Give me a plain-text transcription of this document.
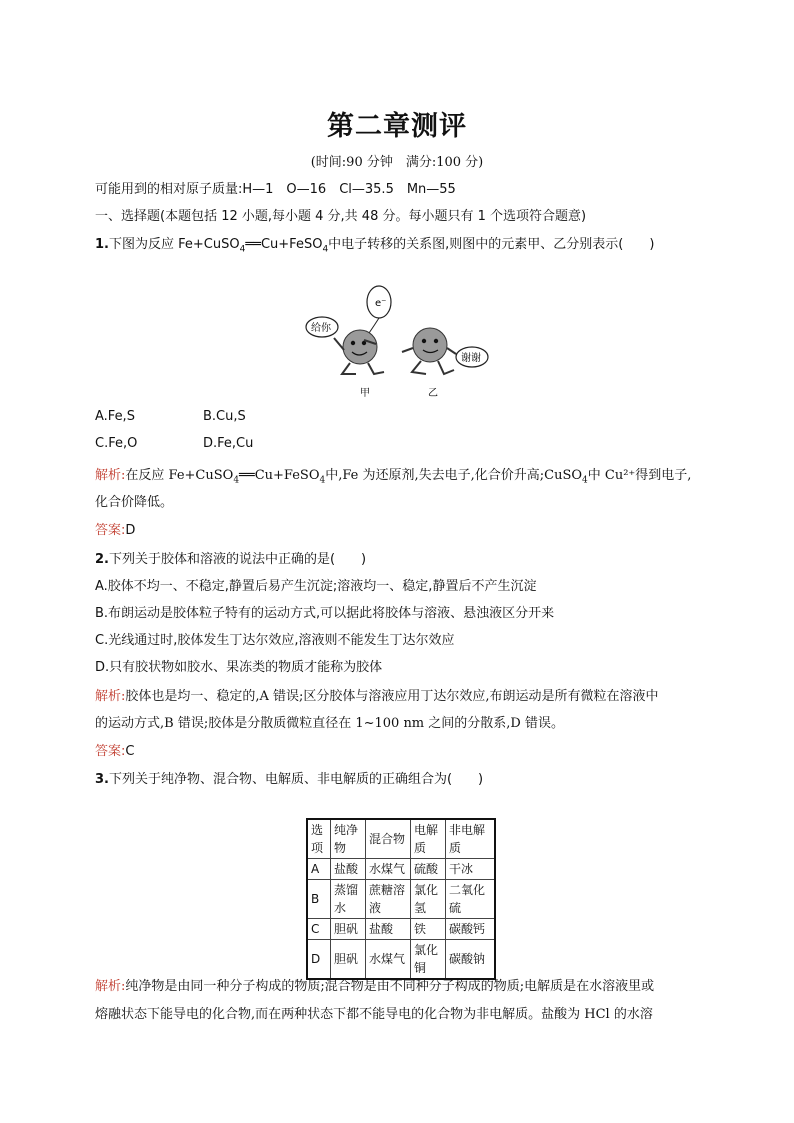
第二章测评
(时间:90 分钟　满分:100 分)
可能用到的相对原子质量:H—1　O—16　Cl—35.5　Mn—55
一、选择题(本题包括 12 小题,每小题 4 分,共 48 分。每小题只有 1 个选项符合题意)
1.下图为反应 Fe+CuSO$_4$══Cu+FeSO$_4$中电子转移的关系图,则图中的元素甲、乙分别表示(　　)
e⁻
给你
谢谢
甲	乙
A.Fe,S	B.Cu,S
C.Fe,O	D.Fe,Cu
解析:在反应 Fe+CuSO$_4$══Cu+FeSO$_4$中,Fe 为还原剂,失去电子,化合价升高;CuSO$_4$中 Cu²⁺得到电子,
化合价降低。
答案:D
2.下列关于胶体和溶液的说法中正确的是(　　)
A.胶体不均一、不稳定,静置后易产生沉淀;溶液均一、稳定,静置后不产生沉淀
B.布朗运动是胶体粒子特有的运动方式,可以据此将胶体与溶液、悬浊液区分开来
C.光线通过时,胶体发生丁达尔效应,溶液则不能发生丁达尔效应
D.只有胶状物如胶水、果冻类的物质才能称为胶体
解析:胶体也是均一、稳定的,A 错误;区分胶体与溶液应用丁达尔效应,布朗运动是所有微粒在溶液中
的运动方式,B 错误;胶体是分散质微粒直径在 1~100 nm 之间的分散系,D 错误。
答案:C
3.下列关于纯净物、混合物、电解质、非电解质的正确组合为(　　)
选项	纯净物	混合物	电解质	非电解质
A	盐酸	水煤气	硫酸	干冰
B	蒸馏水	蔗糖溶液	氯化氢	二氧化硫
C	胆矾	盐酸	铁	碳酸钙
D	胆矾	水煤气	氯化铜	碳酸钠
解析:纯净物是由同一种分子构成的物质;混合物是由不同种分子构成的物质;电解质是在水溶液里或
熔融状态下能导电的化合物,而在两种状态下都不能导电的化合物为非电解质。盐酸为 HCl 的水溶
